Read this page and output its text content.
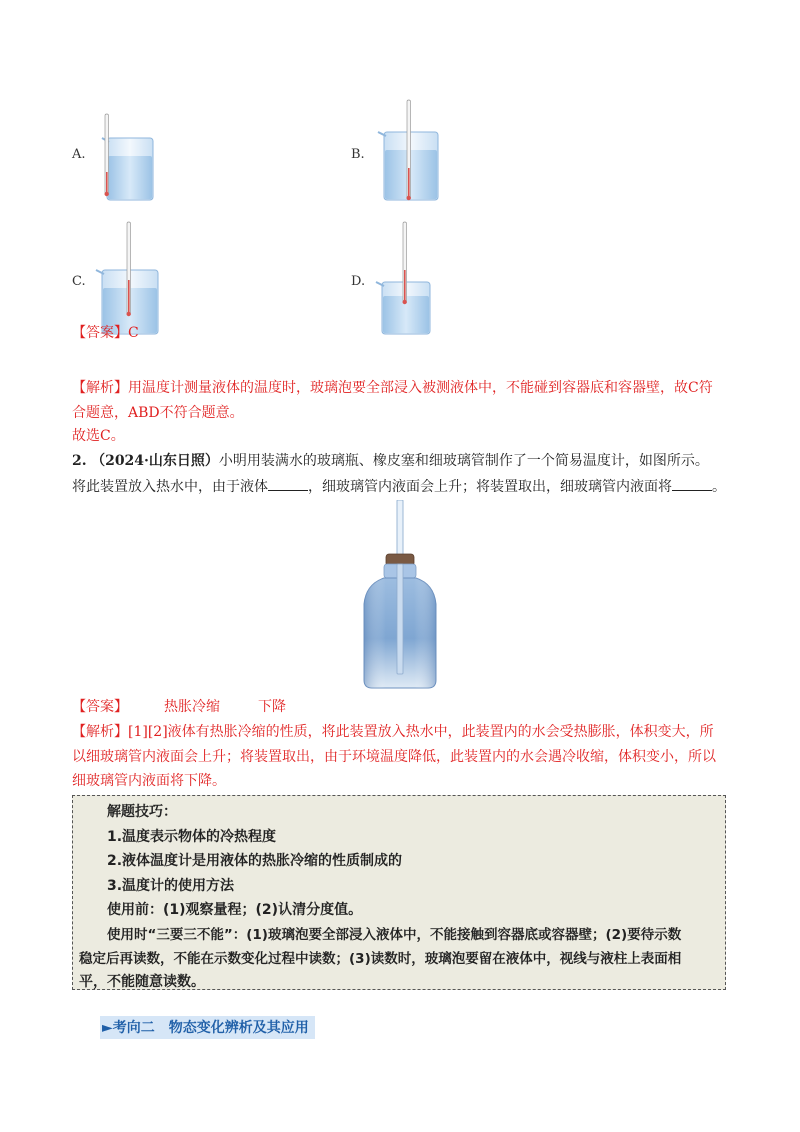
A.	B.
C.	D.
【答案】C
【解析】用温度计测量液体的温度时，玻璃泡要全部浸入被测液体中，不能碰到容器底和容器壁，故C符
合题意，ABD不符合题意。
故选C。
2. （2024·山东日照）小明用装满水的玻璃瓶、橡皮塞和细玻璃管制作了一个简易温度计，如图所示。
将此装置放入热水中，由于液体	，细玻璃管内液面会上升；将装置取出，细玻璃管内液面将	。
【答案】	热胀冷缩	下降
【解析】[1][2]液体有热胀冷缩的性质，将此装置放入热水中，此装置内的水会受热膨胀，体积变大，所
以细玻璃管内液面会上升；将装置取出，由于环境温度降低，此装置内的水会遇冷收缩，体积变小，所以
细玻璃管内液面将下降。
解题技巧：
1.温度表示物体的冷热程度
2.液体温度计是用液体的热胀冷缩的性质制成的
3.温度计的使用方法
使用前：(1)观察量程；(2)认清分度值。
使用时“三要三不能”：(1)玻璃泡要全部浸入液体中，不能接触到容器底或容器壁；(2)要待示数
稳定后再读数，不能在示数变化过程中读数；(3)读数时，玻璃泡要留在液体中，视线与液柱上表面相
平，不能随意读数。
►考向二　物态变化辨析及其应用
